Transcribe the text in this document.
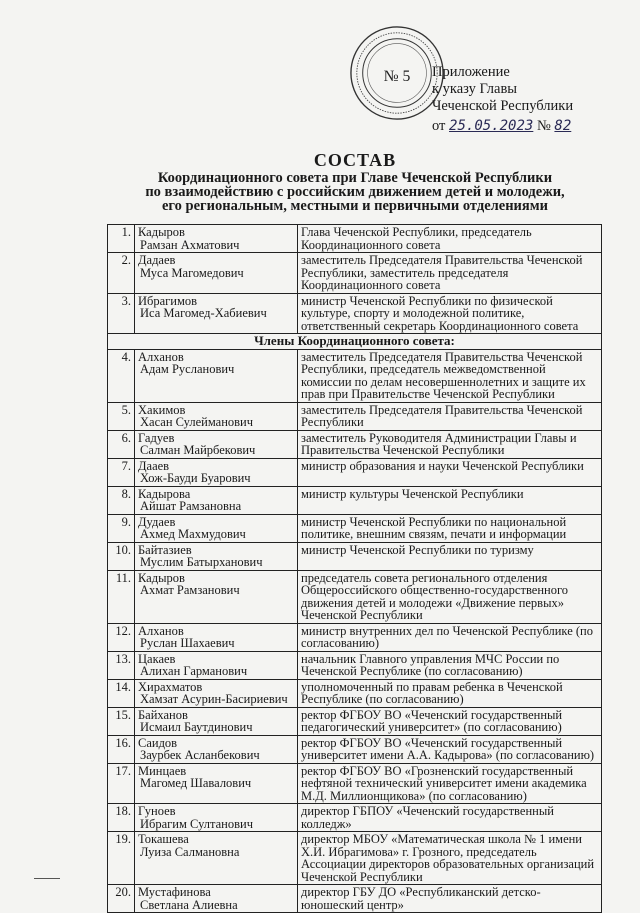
№ 5 Приложение
к указу Главы
Чеченской Республики
от 25.05.2023 № 82
СОСТАВ
Координационного совета при Главе Чеченской Республики
по взаимодействию с российским движением детей и молодежи,
его региональным, местными и первичными отделениями
1.	Кадыров
Рамзан Ахматович	Глава Чеченской Республики, председатель Координационного совета
2.	Дадаев
Муса Магомедович	заместитель Председателя Правительства Чеченской Республики, заместитель председателя Координационного совета
3.	Ибрагимов
Иса Магомед-Хабиевич	министр Чеченской Республики по физической культуре, спорту и молодежной политике, ответственный секретарь Координационного совета
Члены Координационного совета:		
4.	Алханов
Адам Русланович	заместитель Председателя Правительства Чеченской Республики, председатель межведомственной комиссии по делам несовершеннолетних и защите их прав при Правительстве Чеченской Республики
5.	Хакимов
Хасан Сулейманович	заместитель Председателя Правительства Чеченской Республики
6.	Гадуев
Салман Майрбекович	заместитель Руководителя Администрации Главы и Правительства Чеченской Республики
7.	Дааев
Хож-Бауди Буарович	министр образования и науки Чеченской Республики
8.	Кадырова
Айшат Рамзановна	министр культуры Чеченской Республики
9.	Дудаев
Ахмед Махмудович	министр Чеченской Республики по национальной политике, внешним связям, печати и информации
10.	Байтазиев
Муслим Батырханович	министр Чеченской Республики по туризму
11.	Кадыров
Ахмат Рамзанович	председатель совета регионального отделения Общероссийского общественно-государственного движения детей и молодежи «Движение первых» Чеченской Республики
12.	Алханов
Руслан Шахаевич	министр внутренних дел по Чеченской Республике (по согласованию)
13.	Цакаев
Алихан Гарманович	начальник Главного управления МЧС России по Чеченской Республике (по согласованию)
14.	Хирахматов
Хамзат Асурин-Басириевич	уполномоченный по правам ребенка в Чеченской Республике (по согласованию)
15.	Байханов
Исмаил Баутдинович	ректор ФГБОУ ВО «Чеченский государственный педагогический университет» (по согласованию)
16.	Саидов
Заурбек Асланбекович	ректор ФГБОУ ВО «Чеченский государственный университет имени А.А. Кадырова» (по согласованию)
17.	Минцаев
Магомед Шавалович	ректор ФГБОУ ВО «Грозненский государственный нефтяной технический университет имени академика М.Д. Миллионщикова» (по согласованию)
18.	Гуноев
Ибрагим Султанович	директор ГБПОУ «Чеченский государственный колледж»
19.	Токашева
Луиза Салмановна	директор МБОУ «Математическая школа № 1 имени Х.И. Ибрагимова» г. Грозного, председатель Ассоциации директоров образовательных организаций Чеченской Республики
20.	Мустафинова
Светлана Алиевна	директор ГБУ ДО «Республиканский детско-юношеский центр»
